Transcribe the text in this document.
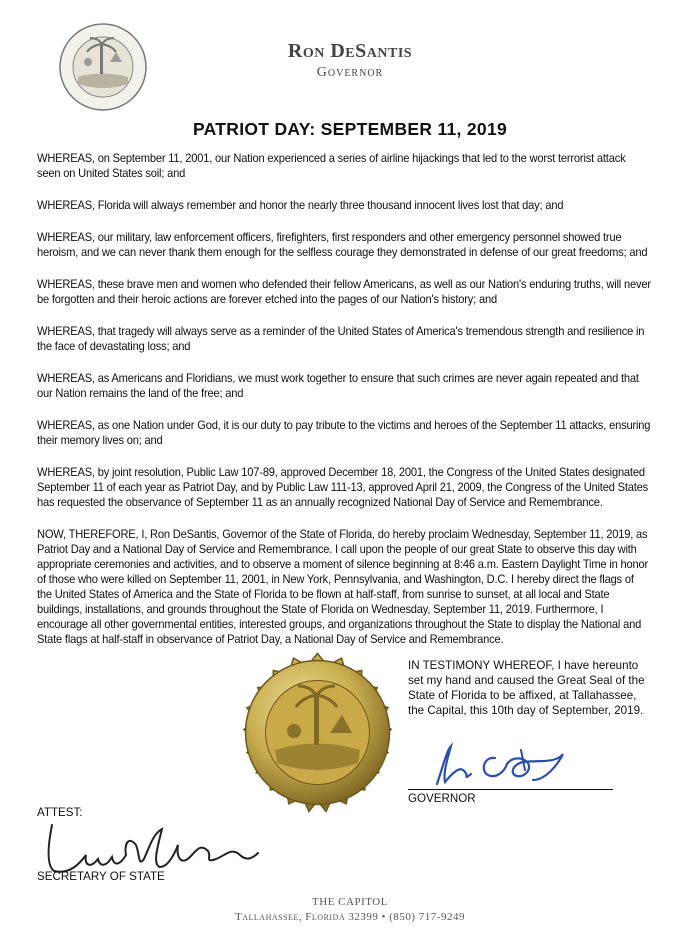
Ron DeSantis
Governor
PATRIOT DAY: SEPTEMBER 11, 2019

WHEREAS, on September 11, 2001, our Nation experienced a series of airline hijackings that led to the worst terrorist attack seen on United States soil; and

WHEREAS, Florida will always remember and honor the nearly three thousand innocent lives lost that day; and

WHEREAS, our military, law enforcement officers, firefighters, first responders and other emergency personnel showed true heroism, and we can never thank them enough for the selfless courage they demonstrated in defense of our great freedoms; and

WHEREAS, these brave men and women who defended their fellow Americans, as well as our Nation's enduring truths, will never be forgotten and their heroic actions are forever etched into the pages of our Nation's history; and

WHEREAS, that tragedy will always serve as a reminder of the United States of America's tremendous strength and resilience in the face of devastating loss; and

WHEREAS, as Americans and Floridians, we must work together to ensure that such crimes are never again repeated and that our Nation remains the land of the free; and

WHEREAS, as one Nation under God, it is our duty to pay tribute to the victims and heroes of the September 11 attacks, ensuring their memory lives on; and

WHEREAS, by joint resolution, Public Law 107-89, approved December 18, 2001, the Congress of the United States designated September 11 of each year as Patriot Day, and by Public Law 111-13, approved April 21, 2009, the Congress of the United States has requested the observance of September 11 as an annually recognized National Day of Service and Remembrance.

NOW, THEREFORE, I, Ron DeSantis, Governor of the State of Florida, do hereby proclaim Wednesday, September 11, 2019, as Patriot Day and a National Day of Service and Remembrance. I call upon the people of our great State to observe this day with appropriate ceremonies and activities, and to observe a moment of silence beginning at 8:46 a.m. Eastern Daylight Time in honor of those who were killed on September 11, 2001, in New York, Pennsylvania, and Washington, D.C. I hereby direct the flags of the United States of America and the State of Florida to be flown at half-staff, from sunrise to sunset, at all local and State buildings, installations, and grounds throughout the State of Florida on Wednesday, September 11, 2019. Furthermore, I encourage all other governmental entities, interested groups, and organizations throughout the State to display the National and State flags at half-staff in observance of Patriot Day, a National Day of Service and Remembrance.

IN TESTIMONY WHEREOF, I have hereunto set my hand and caused the Great Seal of the State of Florida to be affixed, at Tallahassee, the Capital, this 10th day of September, 2019.
GOVERNOR
ATTEST:
SECRETARY OF STATE
THE CAPITOL
Tallahassee, Florida 32399 • (850) 717-9249
